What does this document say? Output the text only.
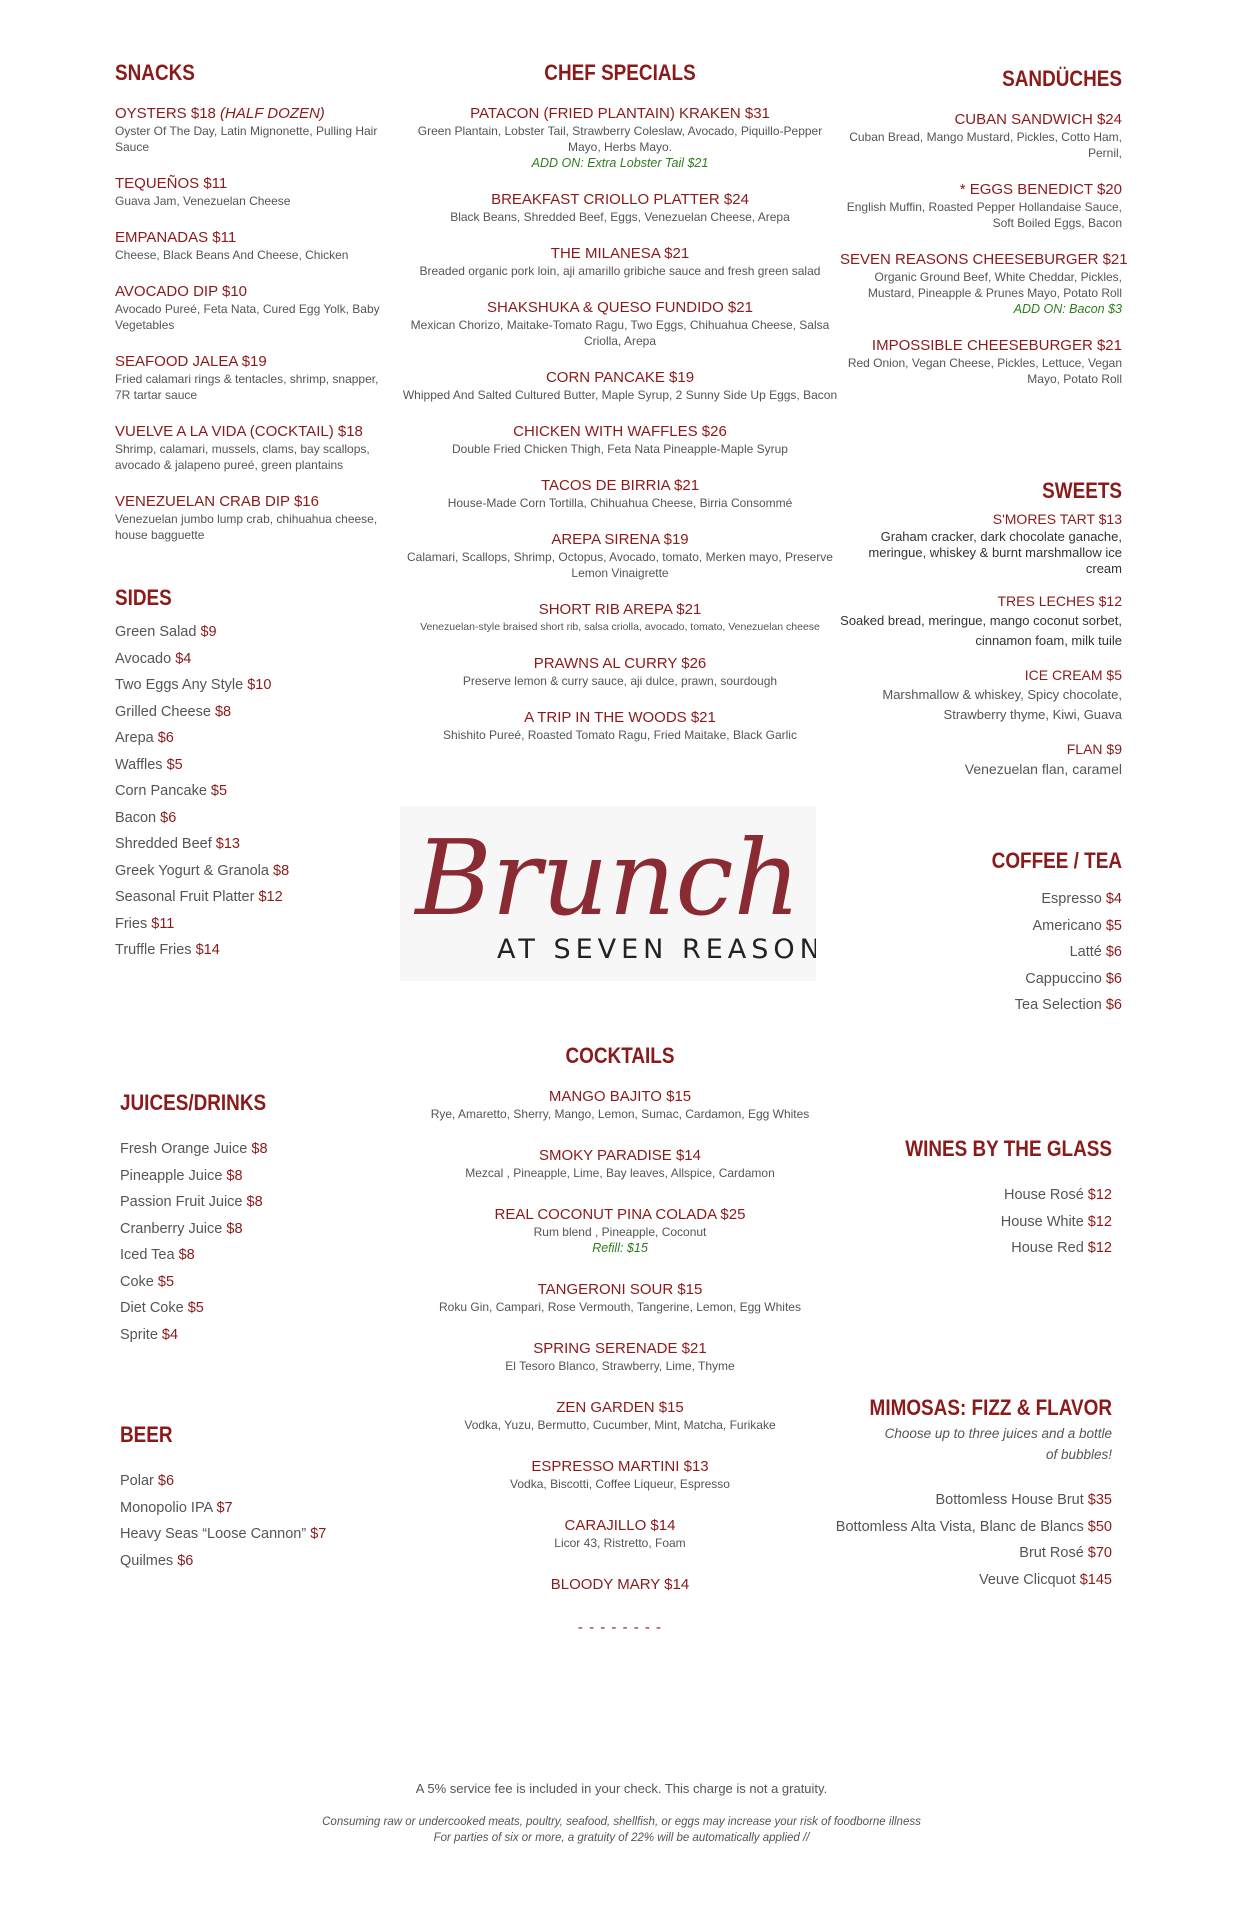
SNACKS
OYSTERS $18 (HALF DOZEN)
Oyster Of The Day, Latin Mignonette, Pulling Hair Sauce
TEQUEÑOS $11
Guava Jam, Venezuelan Cheese
EMPANADAS $11
Cheese, Black Beans And Cheese, Chicken
AVOCADO DIP $10
Avocado Pureé, Feta Nata, Cured Egg Yolk, Baby Vegetables
SEAFOOD JALEA $19
Fried calamari rings & tentacles, shrimp, snapper, 7R tartar sauce
VUELVE A LA VIDA (COCKTAIL) $18
Shrimp, calamari, mussels, clams, bay scallops, avocado & jalapeno pureé, green plantains
VENEZUELAN CRAB DIP $16
Venezuelan jumbo lump crab, chihuahua cheese, house bagguette
SIDES
Green Salad $9
Avocado $4
Two Eggs Any Style $10
Grilled Cheese $8
Arepa $6
Waffles $5
Corn Pancake $5
Bacon $6
Shredded Beef $13
Greek Yogurt & Granola $8
Seasonal Fruit Platter $12
Fries $11
Truffle Fries $14
CHEF SPECIALS
PATACON (FRIED PLANTAIN) KRAKEN $31
Green Plantain, Lobster Tail, Strawberry Coleslaw, Avocado, Piquillo-Pepper Mayo, Herbs Mayo.
ADD ON: Extra Lobster Tail $21
BREAKFAST CRIOLLO PLATTER $24
Black Beans, Shredded Beef, Eggs, Venezuelan Cheese, Arepa
THE MILANESA $21
Breaded organic pork loin, aji amarillo gribiche sauce and fresh green salad
SHAKSHUKA & QUESO FUNDIDO $21
Mexican Chorizo, Maitake-Tomato Ragu, Two Eggs, Chihuahua Cheese, Salsa Criolla, Arepa
CORN PANCAKE $19
Whipped And Salted Cultured Butter, Maple Syrup, 2 Sunny Side Up Eggs, Bacon
CHICKEN WITH WAFFLES $26
Double Fried Chicken Thigh, Feta Nata Pineapple-Maple Syrup
TACOS DE BIRRIA $21
House-Made Corn Tortilla, Chihuahua Cheese, Birria Consommé
AREPA SIRENA $19
Calamari, Scallops, Shrimp, Octopus, Avocado, tomato, Merken mayo, Preserve Lemon Vinaigrette
SHORT RIB AREPA $21
Venezuelan-style braised short rib, salsa criolla, avocado, tomato, Venezuelan cheese
PRAWNS AL CURRY $26
Preserve lemon & curry sauce, aji dulce, prawn, sourdough
A TRIP IN THE WOODS $21
Shishito Pureé, Roasted Tomato Ragu, Fried Maitake, Black Garlic
SANDÜCHES
CUBAN SANDWICH $24
Cuban Bread, Mango Mustard, Pickles, Cotto Ham, Pernil,
* EGGS BENEDICT $20
English Muffin, Roasted Pepper Hollandaise Sauce, Soft Boiled Eggs, Bacon
SEVEN REASONS CHEESEBURGER $21
Organic Ground Beef, White Cheddar, Pickles, Mustard, Pineapple & Prunes Mayo, Potato Roll
ADD ON: Bacon $3
IMPOSSIBLE CHEESEBURGER $21
Red Onion, Vegan Cheese, Pickles, Lettuce, Vegan Mayo, Potato Roll
SWEETS
S'MORES TART $13
Graham cracker, dark chocolate ganache, meringue, whiskey & burnt marshmallow ice cream
TRES LECHES $12
Soaked bread, meringue, mango coconut sorbet, cinnamon foam, milk tuile
ICE CREAM $5
Marshmallow & whiskey, Spicy chocolate, Strawberry thyme, Kiwi, Guava
FLAN $9
Venezuelan flan, caramel
Brunch
AT SEVEN REASONS
COFFEE / TEA
Espresso $4
Americano $5
Latté $6
Cappuccino $6
Tea Selection $6
COCKTAILS
MANGO BAJITO $15
Rye, Amaretto, Sherry, Mango, Lemon, Sumac, Cardamon, Egg Whites
SMOKY PARADISE $14
Mezcal , Pineapple, Lime, Bay leaves, Allspice, Cardamon
REAL COCONUT PINA COLADA $25
Rum blend , Pineapple, Coconut
Refill: $15
TANGERONI SOUR $15
Roku Gin, Campari, Rose Vermouth, Tangerine, Lemon, Egg Whites
SPRING SERENADE $21
El Tesoro Blanco, Strawberry, Lime, Thyme
ZEN GARDEN $15
Vodka, Yuzu, Bermutto, Cucumber, Mint, Matcha, Furikake
ESPRESSO MARTINI $13
Vodka, Biscotti, Coffee Liqueur, Espresso
CARAJILLO $14
Licor 43, Ristretto, Foam
BLOODY MARY $14
- - - - - - - -
JUICES/DRINKS
Fresh Orange Juice $8
Pineapple Juice $8
Passion Fruit Juice $8
Cranberry Juice $8
Iced Tea $8
Coke $5
Diet Coke $5
Sprite $4
BEER
Polar $6
Monopolio IPA $7
Heavy Seas “Loose Cannon” $7
Quilmes $6
WINES BY THE GLASS
House Rosé $12
House White $12
House Red $12
MIMOSAS: FIZZ & FLAVOR
Choose up to three juices and a bottle of bubbles!
Bottomless House Brut $35
Bottomless Alta Vista, Blanc de Blancs $50
Brut Rosé $70
Veuve Clicquot $145
A 5% service fee is included in your check. This charge is not a gratuity.
Consuming raw or undercooked meats, poultry, seafood, shellfish, or eggs may increase your risk of foodborne illness
For parties of six or more, a gratuity of 22% will be automatically applied //
